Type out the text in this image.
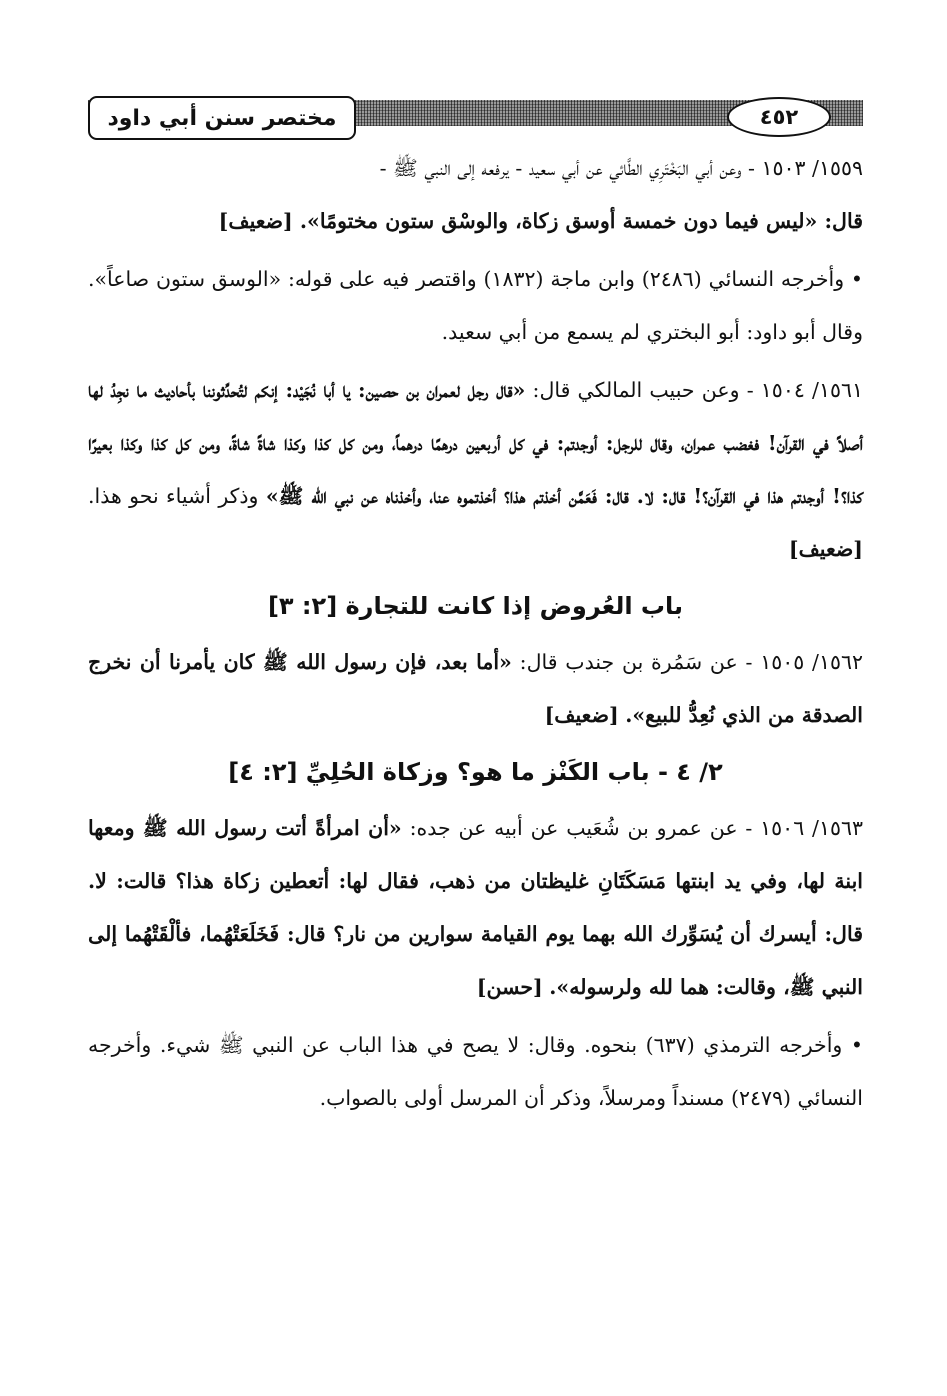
مختصر سنن أبي داود	٤٥٢

١٥٥٩/ ١٥٠٣ - وعن أبي البَخْتَرِي الطَّائي عن أبي سعيد - يرفعه إلى النبي ﷺ -

قال: «ليس فيما دون خمسة أوسق زكاة، والوسْق ستون مختومًا». [ضعيف]

• وأخرجه النسائي (٢٤٨٦) وابن ماجة (١٨٣٢) واقتصر فيه على قوله: «الوسق ستون صاعاً». وقال أبو داود: أبو البختري لم يسمع من أبي سعيد.

١٥٦١/ ١٥٠٤ - وعن حبيب المالكي قال: «قال رجل لعمران بن حصين: يا أبا نُجَيْد: إنكم لتُحدِّثوننا بأحاديث ما نجِدُ لها أصلاً في القرآن! فغضب عمران، وقال للرجل: أوجدتم: في كل أربعين درهمًا درهماً، ومن كل كذا وكذا شاةً شاةً، ومن كل كذا وكذا بعيرًا كذا؟! أوجدتم هذا في القرآن؟! قال: لا. قال: فَعَمَّن أخذتم هذا؟ أخذتموه عنا، وأخذناه عن نبي الله ﷺ» وذكر أشياء نحو هذا. [ضعيف]

باب العُروض إذا كانت للتجارة [٢: ٣]

١٥٦٢/ ١٥٠٥ - عن سَمُرة بن جندب قال: «أما بعد، فإن رسول الله ﷺ كان يأمرنا أن نخرج الصدقة من الذي نُعِدُّ للبيع». [ضعيف]

٢/ ٤ - باب الكَنْز ما هو؟ وزكاة الحُلِيِّ [٢: ٤]

١٥٦٣/ ١٥٠٦ - عن عمرو بن شُعَيب عن أبيه عن جده: «أن امرأةً أتت رسول الله ﷺ ومعها ابنة لها، وفي يد ابنتها مَسَكَتَانِ غليظتان من ذهب، فقال لها: أتعطين زكاة هذا؟ قالت: لا. قال: أيسرك أن يُسَوِّرك الله بهما يوم القيامة سوارين من نار؟ قال: فَخَلَعَتْهُما، فألْقَتْهُما إلى النبي ﷺ، وقالت: هما لله ولرسوله». [حسن]

• وأخرجه الترمذي (٦٣٧) بنحوه. وقال: لا يصح في هذا الباب عن النبي ﷺ شيء. وأخرجه النسائي (٢٤٧٩) مسنداً ومرسلاً، وذكر أن المرسل أولى بالصواب.
